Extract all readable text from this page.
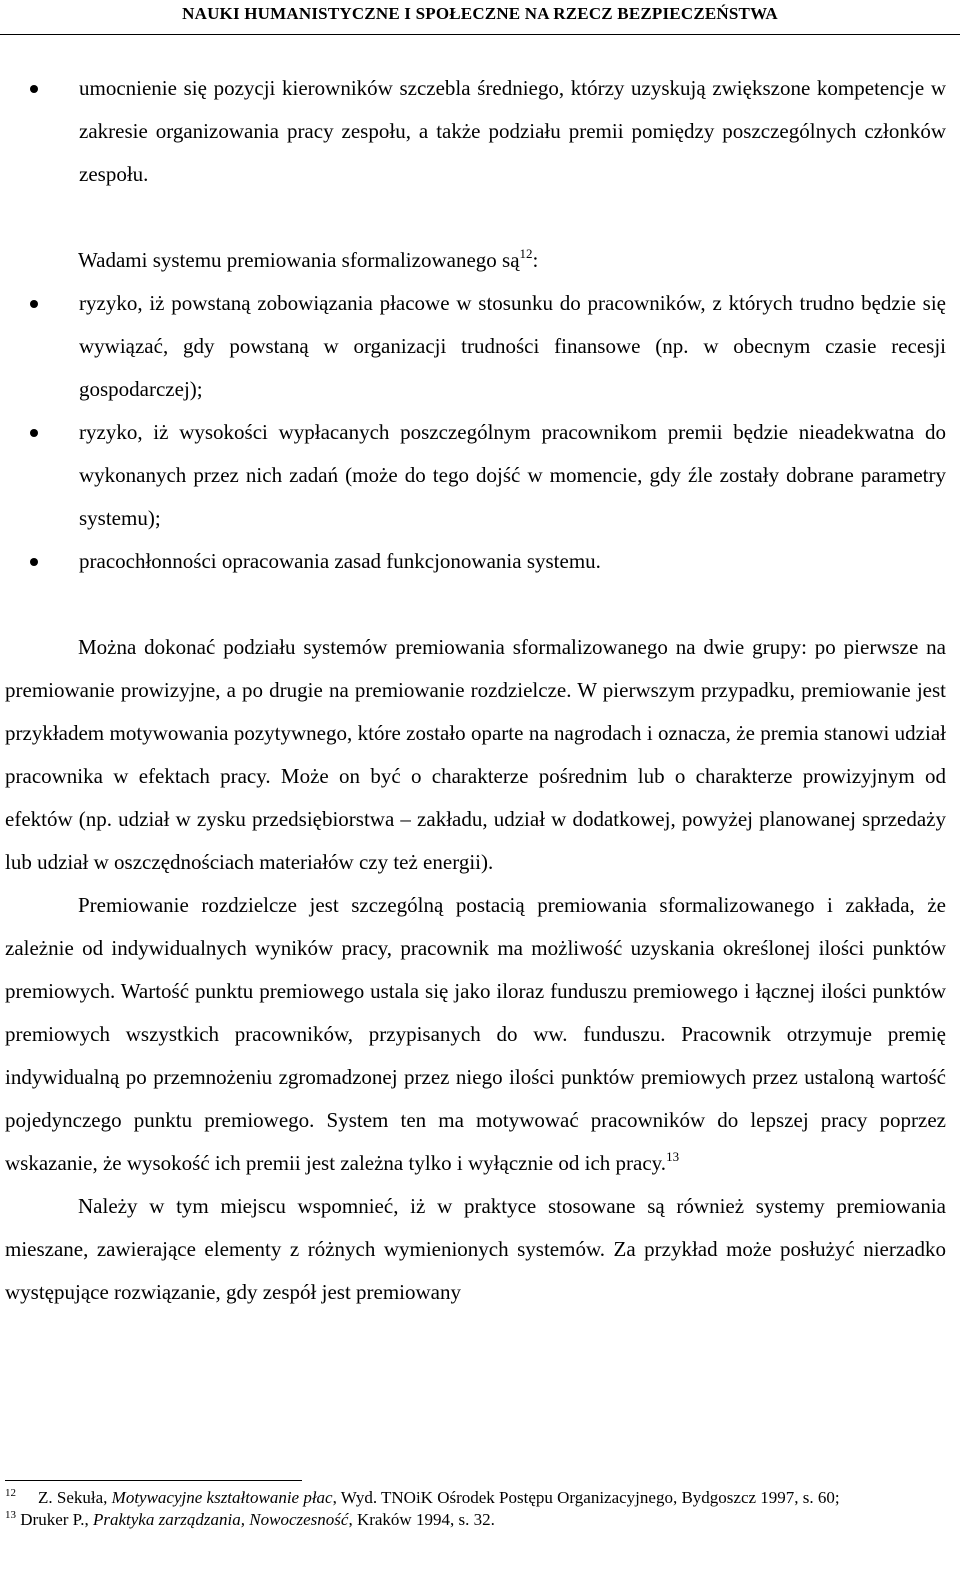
NAUKI HUMANISTYCZNE I SPOŁECZNE NA RZECZ BEZPIECZEŃSTWA
umocnienie się pozycji kierowników szczebla średniego, którzy uzyskują zwiększone kompetencje w zakresie organizowania pracy zespołu, a także podziału premii pomiędzy poszczególnych członków zespołu.

Wadami systemu premiowania sformalizowanego $są^{12}$:

ryzyko, iż powstaną zobowiązania płacowe w stosunku do pracowników, z których trudno będzie się wywiązać, gdy powstaną w organizacji trudności finansowe (np. w obecnym czasie recesji gospodarczej);
ryzyko, iż wysokości wypłacanych poszczególnym pracownikom premii będzie nieadekwatna do wykonanych przez nich zadań (może do tego dojść w momencie, gdy źle zostały dobrane parametry systemu);
pracochłonności opracowania zasad funkcjonowania systemu.

Można dokonać podziału systemów premiowania sformalizowanego na dwie grupy: po pierwsze na premiowanie prowizyjne, a po drugie na premiowanie rozdzielcze. W pierwszym przypadku, premiowanie jest przykładem motywowania pozytywnego, które zostało oparte na nagrodach i oznacza, że premia stanowi udział pracownika w efektach pracy. Może on być o charakterze pośrednim lub o charakterze prowizyjnym od efektów (np. udział w zysku przedsiębiorstwa – zakładu, udział w dodatkowej, powyżej planowanej sprzedaży lub udział w oszczędnościach materiałów czy też energii).

Premiowanie rozdzielcze jest szczególną postacią premiowania sformalizowanego i zakłada, że zależnie od indywidualnych wyników pracy, pracownik ma możliwość uzyskania określonej ilości punktów premiowych. Wartość punktu premiowego ustala się jako iloraz funduszu premiowego i łącznej ilości punktów premiowych wszystkich pracowników, przypisanych do ww. funduszu. Pracownik otrzymuje premię indywidualną po przemnożeniu zgromadzonej przez niego ilości punktów premiowych przez ustaloną wartość pojedynczego punktu premiowego. System ten ma motywować pracowników do lepszej pracy poprzez wskazanie, że wysokość ich premii jest zależna tylko i wyłącznie od ich pracy.$^{13}$

Należy w tym miejscu wspomnieć, iż w praktyce stosowane są również systemy premiowania mieszane, zawierające elementy z różnych wymienionych systemów. Za przykład może posłużyć nierzadko występujące rozwiązanie, gdy zespół jest premiowany

$^{12}$ Z. Sekuła, Motywacyjne kształtowanie płac, Wyd. TNOiK Ośrodek Postępu Organizacyjnego, Bydgoszcz 1997, s. 60;

$^{13}$ Druker P., Praktyka zarządzania, Nowoczesność, Kraków 1994, s. 32.
